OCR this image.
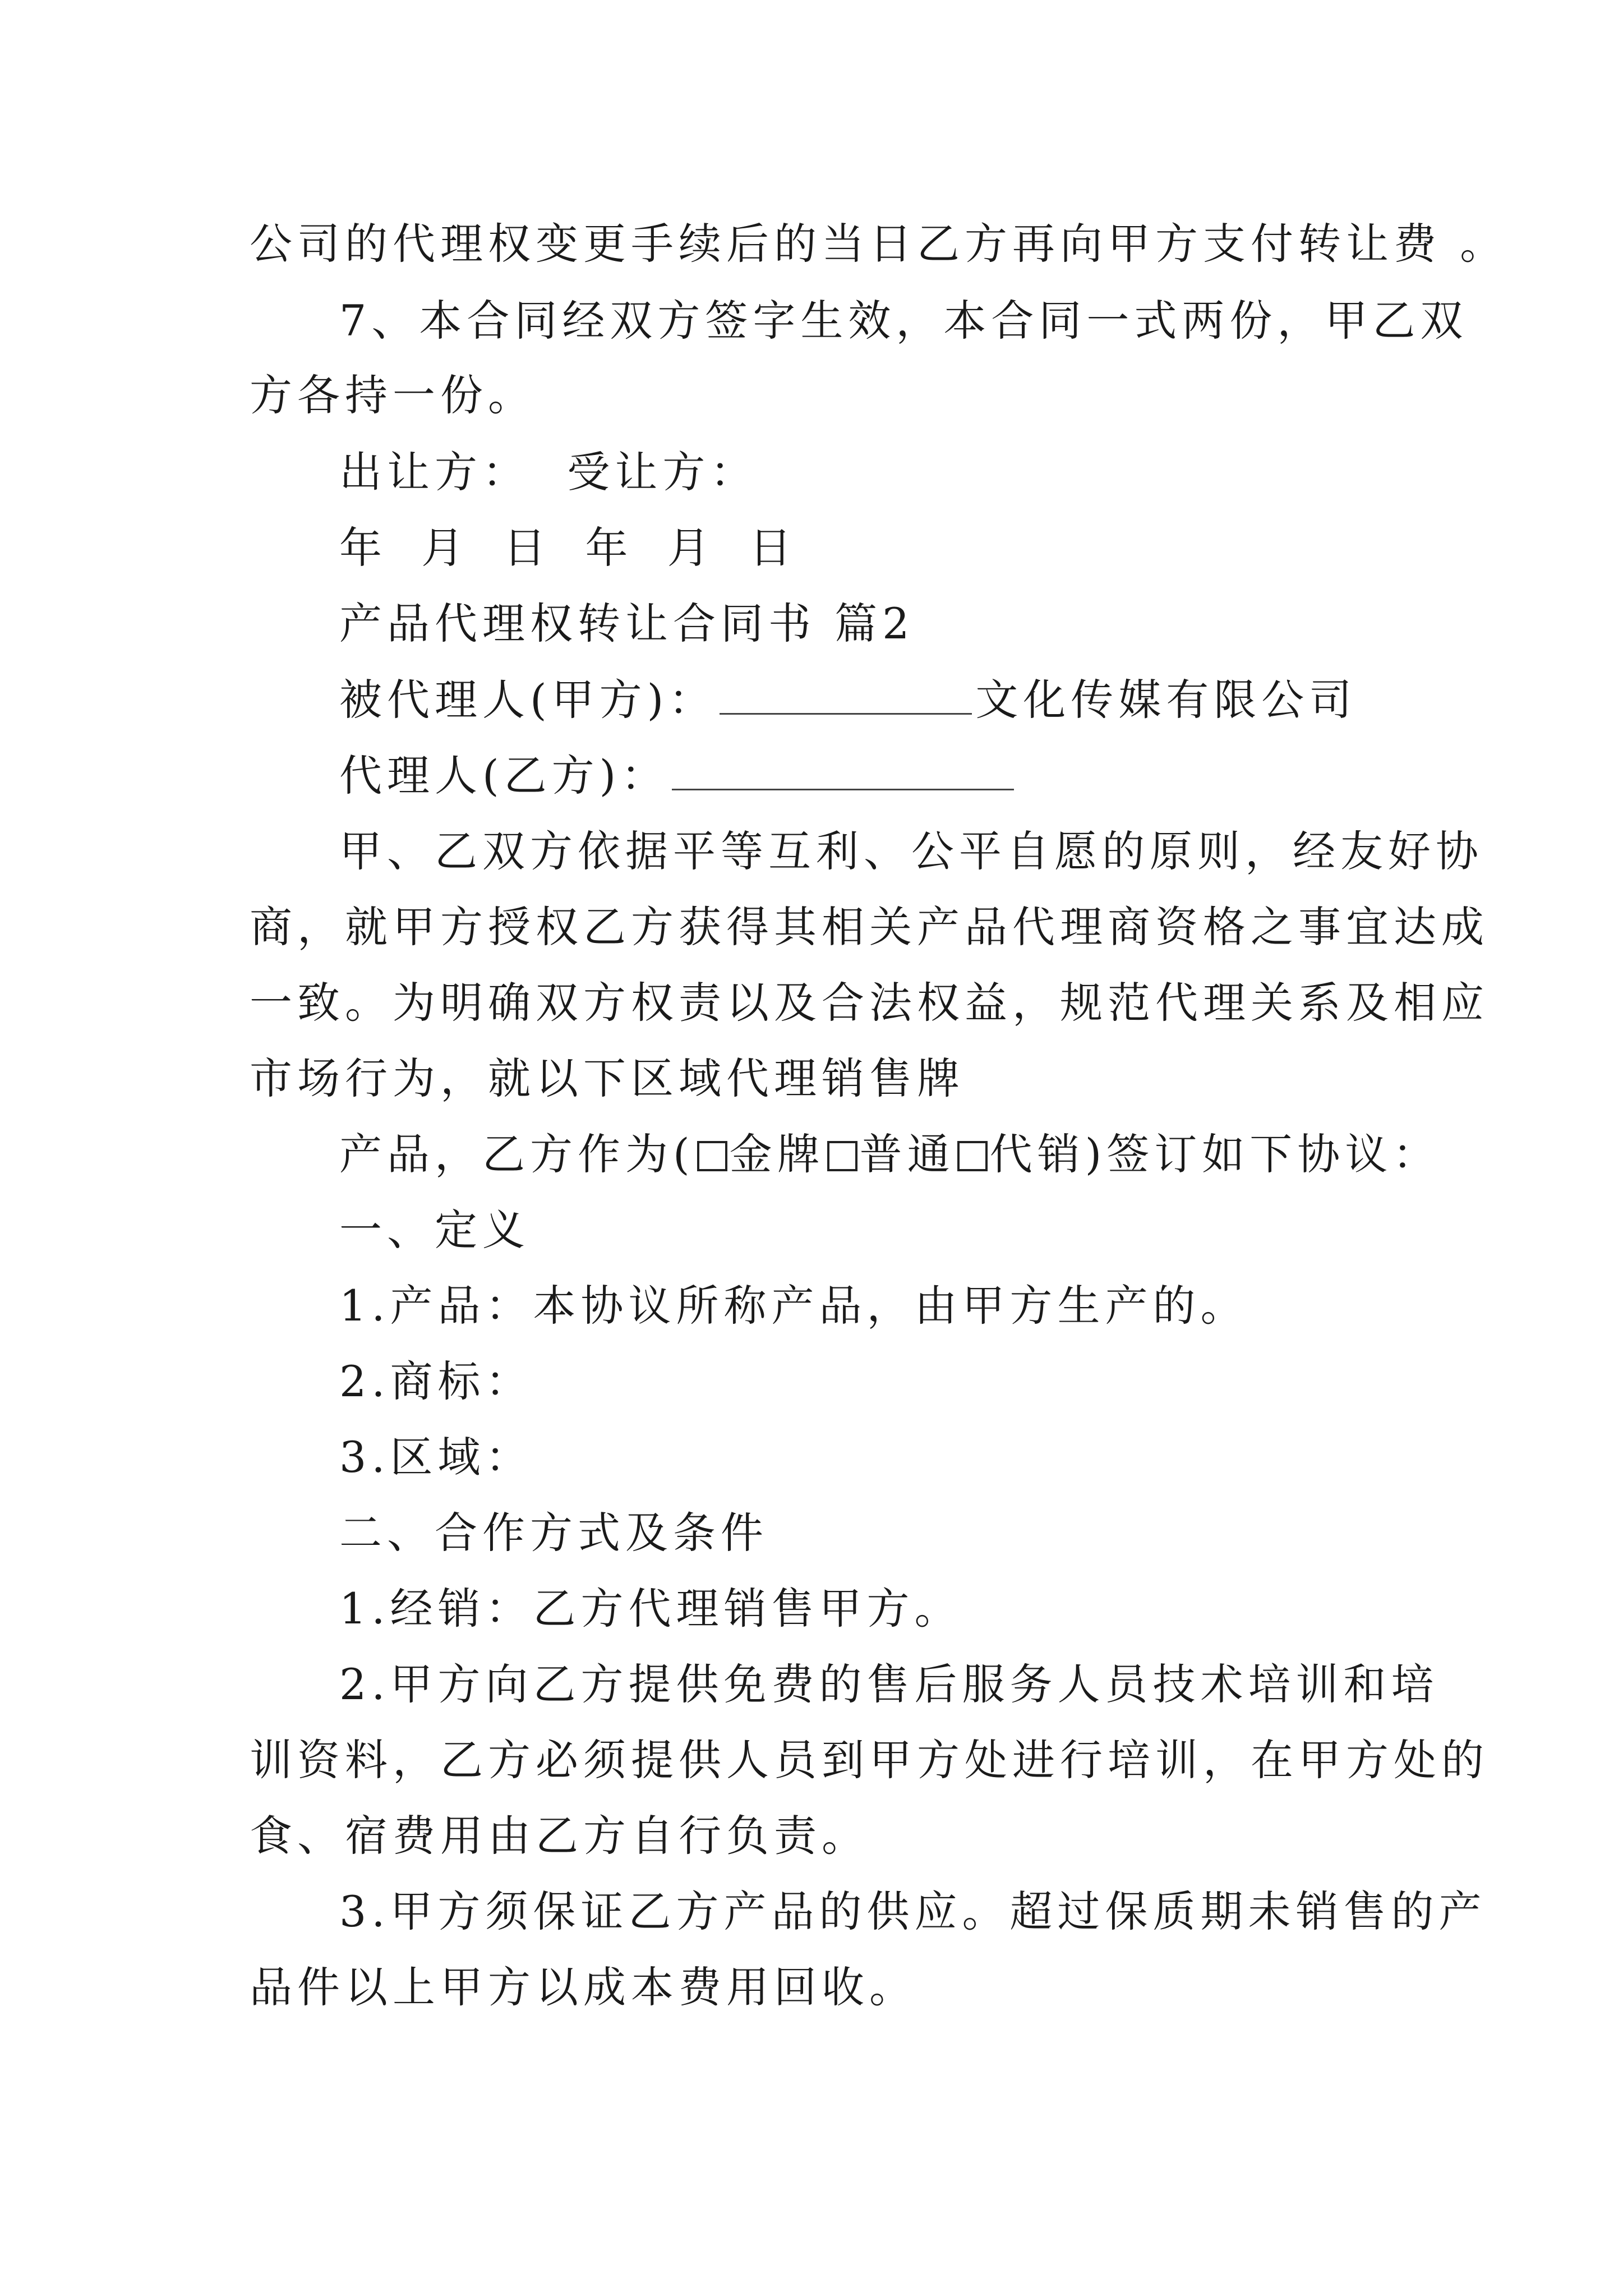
公司的代理权变更手续后的当日乙方再向甲方支付转让费 。
7、本合同经双方签字生效，本合同一式两份，甲乙双
方各持一份。
出让方：  受让方：
年 月 日 年 月 日
产品代理权转让合同书 篇2
被代理人(甲方)：	文化传媒有限公司
代理人(乙方)：
甲、乙双方依据平等互利、公平自愿的原则，经友好协
商，就甲方授权乙方获得其相关产品代理商资格之事宜达成
一致。为明确双方权责以及合法权益，规范代理关系及相应
市场行为，就以下区域代理销售牌
产品，乙方作为( 金牌 普通 代销)签订如下协议：
一、定义
1.产品：本协议所称产品，由甲方生产的。
2.商标：
3.区域：
二、合作方式及条件
1.经销：乙方代理销售甲方。
2.甲方向乙方提供免费的售后服务人员技术培训和培
训资料，乙方必须提供人员到甲方处进行培训，在甲方处的
食、宿费用由乙方自行负责。
3.甲方须保证乙方产品的供应。超过保质期未销售的产
品件以上甲方以成本费用回收。
